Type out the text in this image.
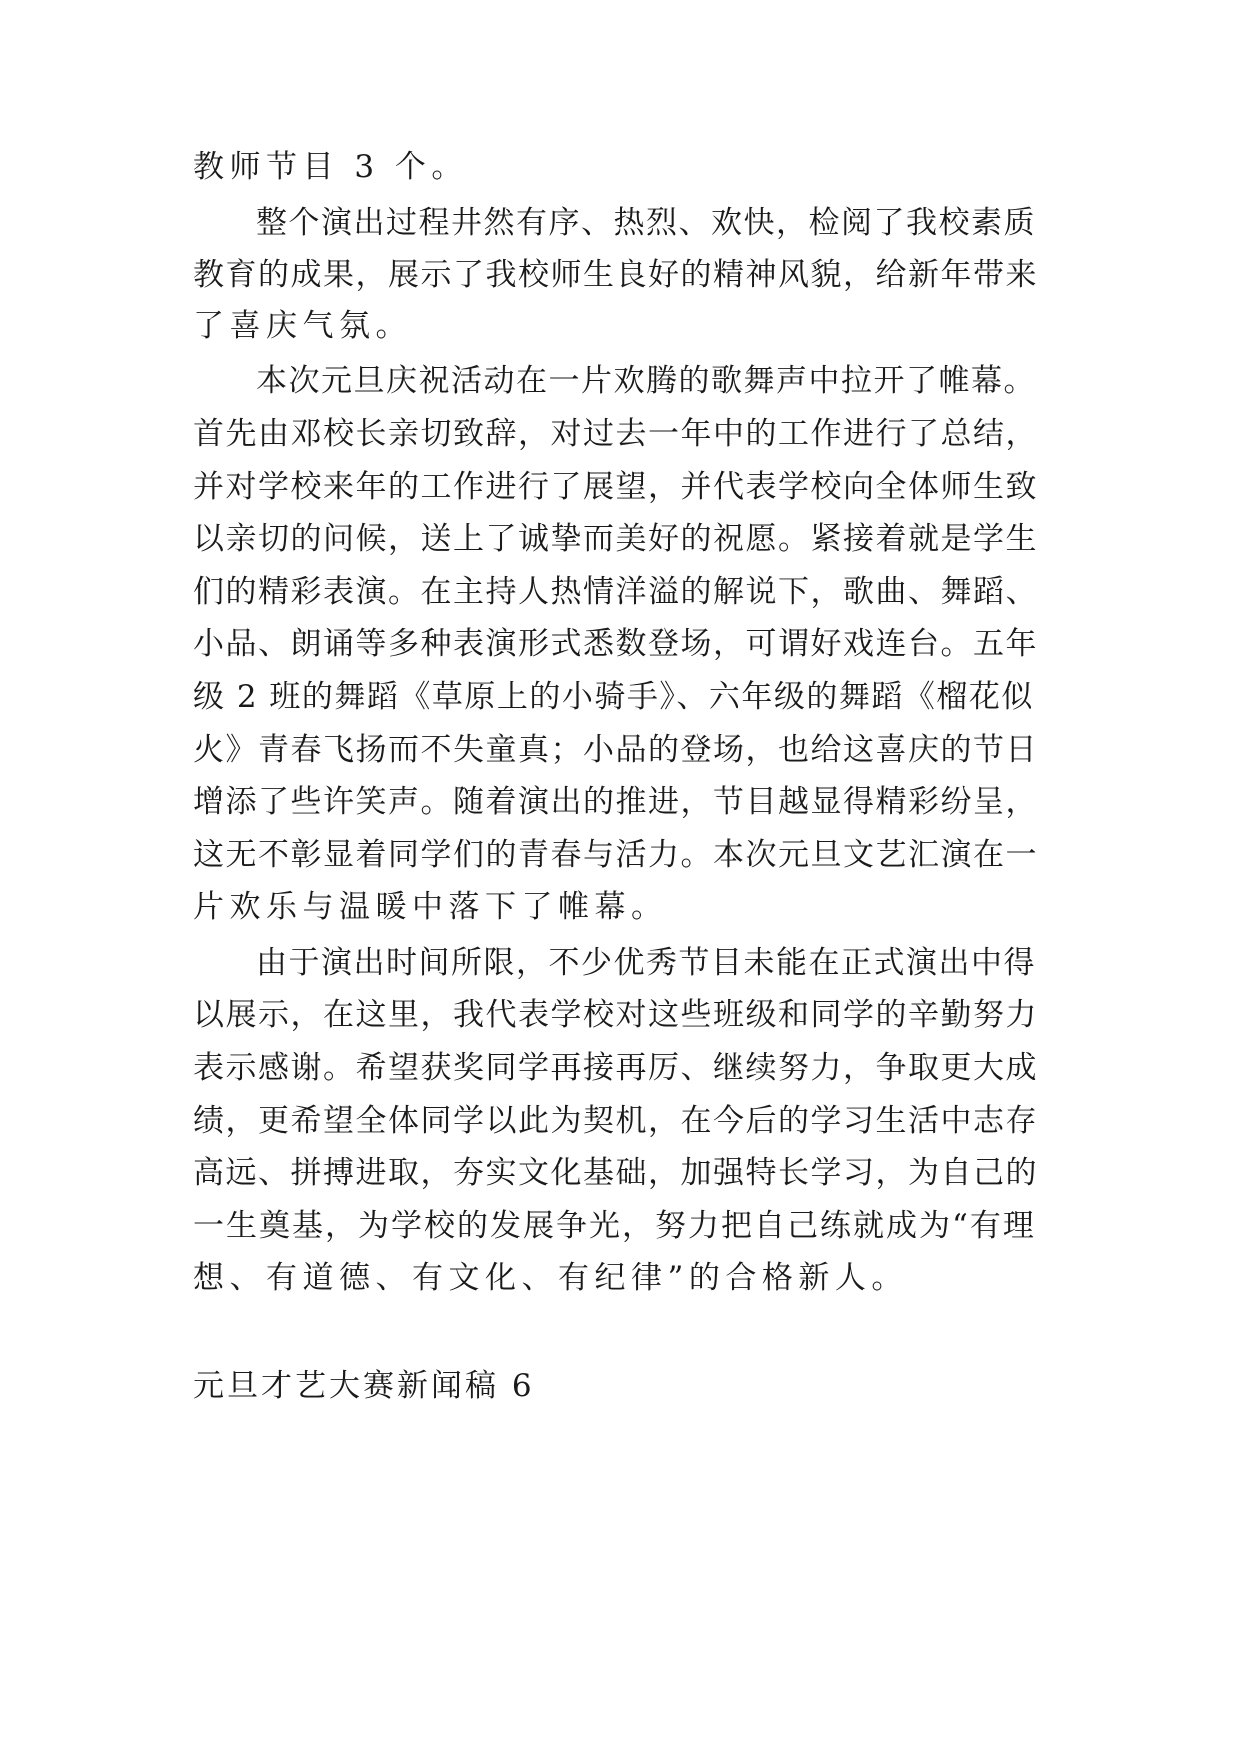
教师节目 3 个。

整个演出过程井然有序、热烈、欢快，检阅了我校素质

教育的成果，展示了我校师生良好的精神风貌，给新年带来

了喜庆气氛。

本次元旦庆祝活动在一片欢腾的歌舞声中拉开了帷幕。

首先由邓校长亲切致辞，对过去一年中的工作进行了总结，

并对学校来年的工作进行了展望，并代表学校向全体师生致

以亲切的问候，送上了诚挚而美好的祝愿。紧接着就是学生

们的精彩表演。在主持人热情洋溢的解说下，歌曲、舞蹈、

小品、朗诵等多种表演形式悉数登场，可谓好戏连台。五年

级 2 班的舞蹈《草原上的小骑手》、六年级的舞蹈《榴花似

火》青春飞扬而不失童真；小品的登场，也给这喜庆的节日

增添了些许笑声。随着演出的推进，节目越显得精彩纷呈，

这无不彰显着同学们的青春与活力。本次元旦文艺汇演在一

片欢乐与温暖中落下了帷幕。

由于演出时间所限，不少优秀节目未能在正式演出中得

以展示，在这里，我代表学校对这些班级和同学的辛勤努力

表示感谢。希望获奖同学再接再厉、继续努力，争取更大成

绩，更希望全体同学以此为契机，在今后的学习生活中志存

高远、拼搏进取，夯实文化基础，加强特长学习，为自己的

一生奠基，为学校的发展争光，努力把自己练就成为“有理

想、有道德、有文化、有纪律”的合格新人。

元旦才艺大赛新闻稿 6
